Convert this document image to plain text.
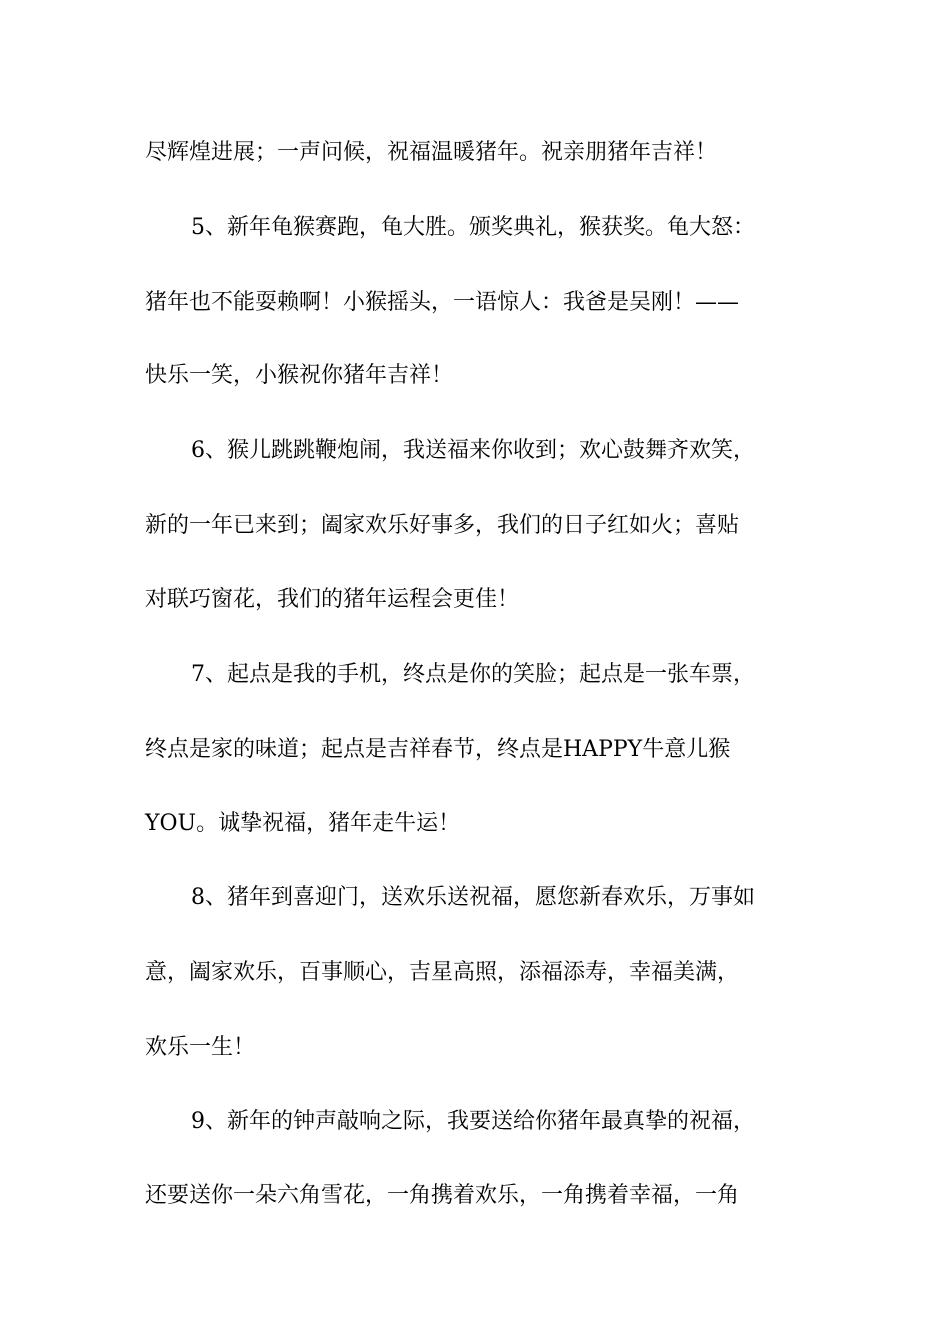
尽辉煌进展；一声问候，祝福温暖猪年。祝亲朋猪年吉祥！
5、新年龟猴赛跑，龟大胜。颁奖典礼，猴获奖。龟大怒：
猪年也不能耍赖啊！小猴摇头，一语惊人：我爸是吴刚！——
快乐一笑，小猴祝你猪年吉祥！
6、猴儿跳跳鞭炮闹，我送福来你收到；欢心鼓舞齐欢笑，
新的一年已来到；阖家欢乐好事多，我们的日子红如火；喜贴
对联巧窗花，我们的猪年运程会更佳！
7、起点是我的手机，终点是你的笑脸；起点是一张车票，
终点是家的味道；起点是吉祥春节，终点是HAPPY牛意儿猴
YOU。诚挚祝福，猪年走牛运！
8、猪年到喜迎门，送欢乐送祝福，愿您新春欢乐，万事如
意，阖家欢乐，百事顺心，吉星高照，添福添寿，幸福美满，
欢乐一生！
9、新年的钟声敲响之际，我要送给你猪年最真挚的祝福，
还要送你一朵六角雪花，一角携着欢乐，一角携着幸福，一角
